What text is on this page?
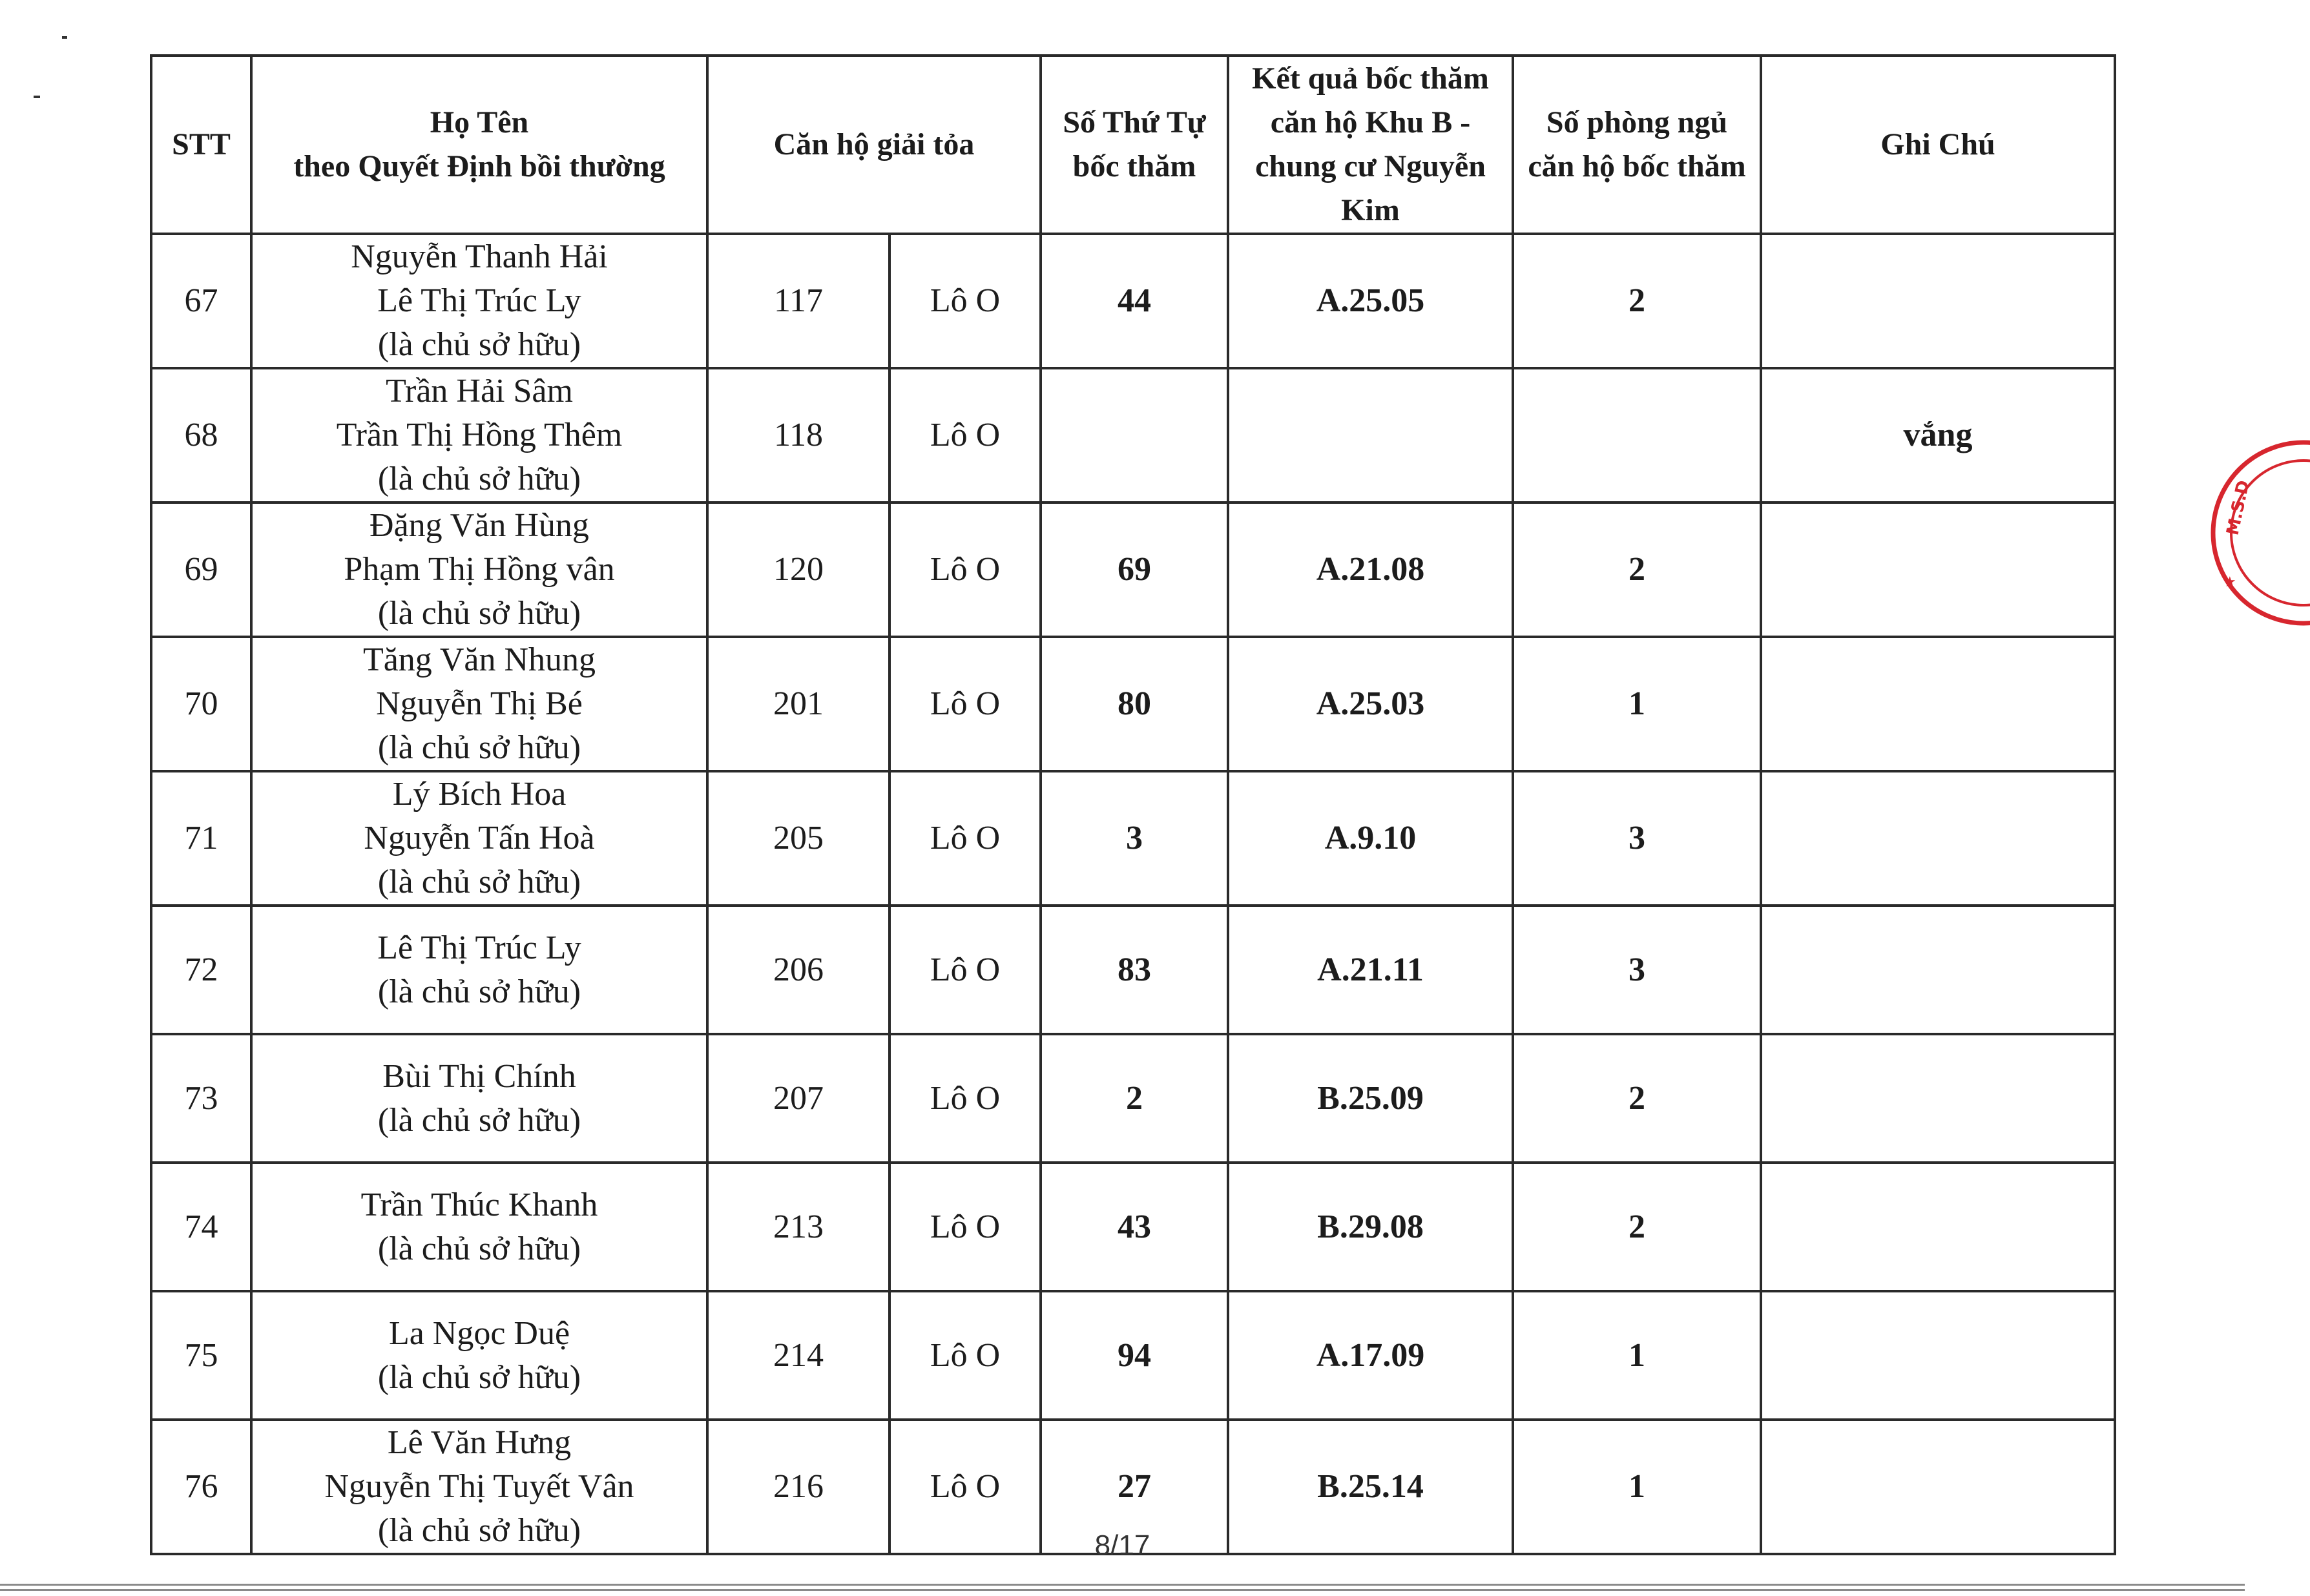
STT	Họ Tên
theo Quyết Định bồi thường	Căn hộ giải tỏa		Số Thứ Tự bốc thăm	Kết quả bốc thăm căn hộ Khu B - chung cư Nguyễn Kim	Số phòng ngủ căn hộ bốc thăm	Ghi Chú
67	Nguyễn Thanh Hải
Lê Thị Trúc Ly
(là chủ sở hữu)	117	Lô O	44	A.25.05	2	
68	Trần Hải Sâm
Trần Thị Hồng Thêm
(là chủ sở hữu)	118	Lô O				vắng
69	Đặng Văn Hùng
Phạm Thị Hồng vân
(là chủ sở hữu)	120	Lô O	69	A.21.08	2	
70	Tăng Văn Nhung
Nguyễn Thị Bé
(là chủ sở hữu)	201	Lô O	80	A.25.03	1	
71	Lý Bích Hoa
Nguyễn Tấn Hoà
(là chủ sở hữu)	205	Lô O	3	A.9.10	3	
72	Lê Thị Trúc Ly
(là chủ sở hữu)	206	Lô O	83	A.21.11	3	
73	Bùi Thị Chính
(là chủ sở hữu)	207	Lô O	2	B.25.09	2	
74	Trần Thúc Khanh
(là chủ sở hữu)	213	Lô O	43	B.29.08	2	
75	La Ngọc Duệ
(là chủ sở hữu)	214	Lô O	94	A.17.09	1	
76	Lê Văn Hưng
Nguyễn Thị Tuyết Vân
(là chủ sở hữu)	216	Lô O	27	B.25.14	1	
8/17
M.S.D
★
